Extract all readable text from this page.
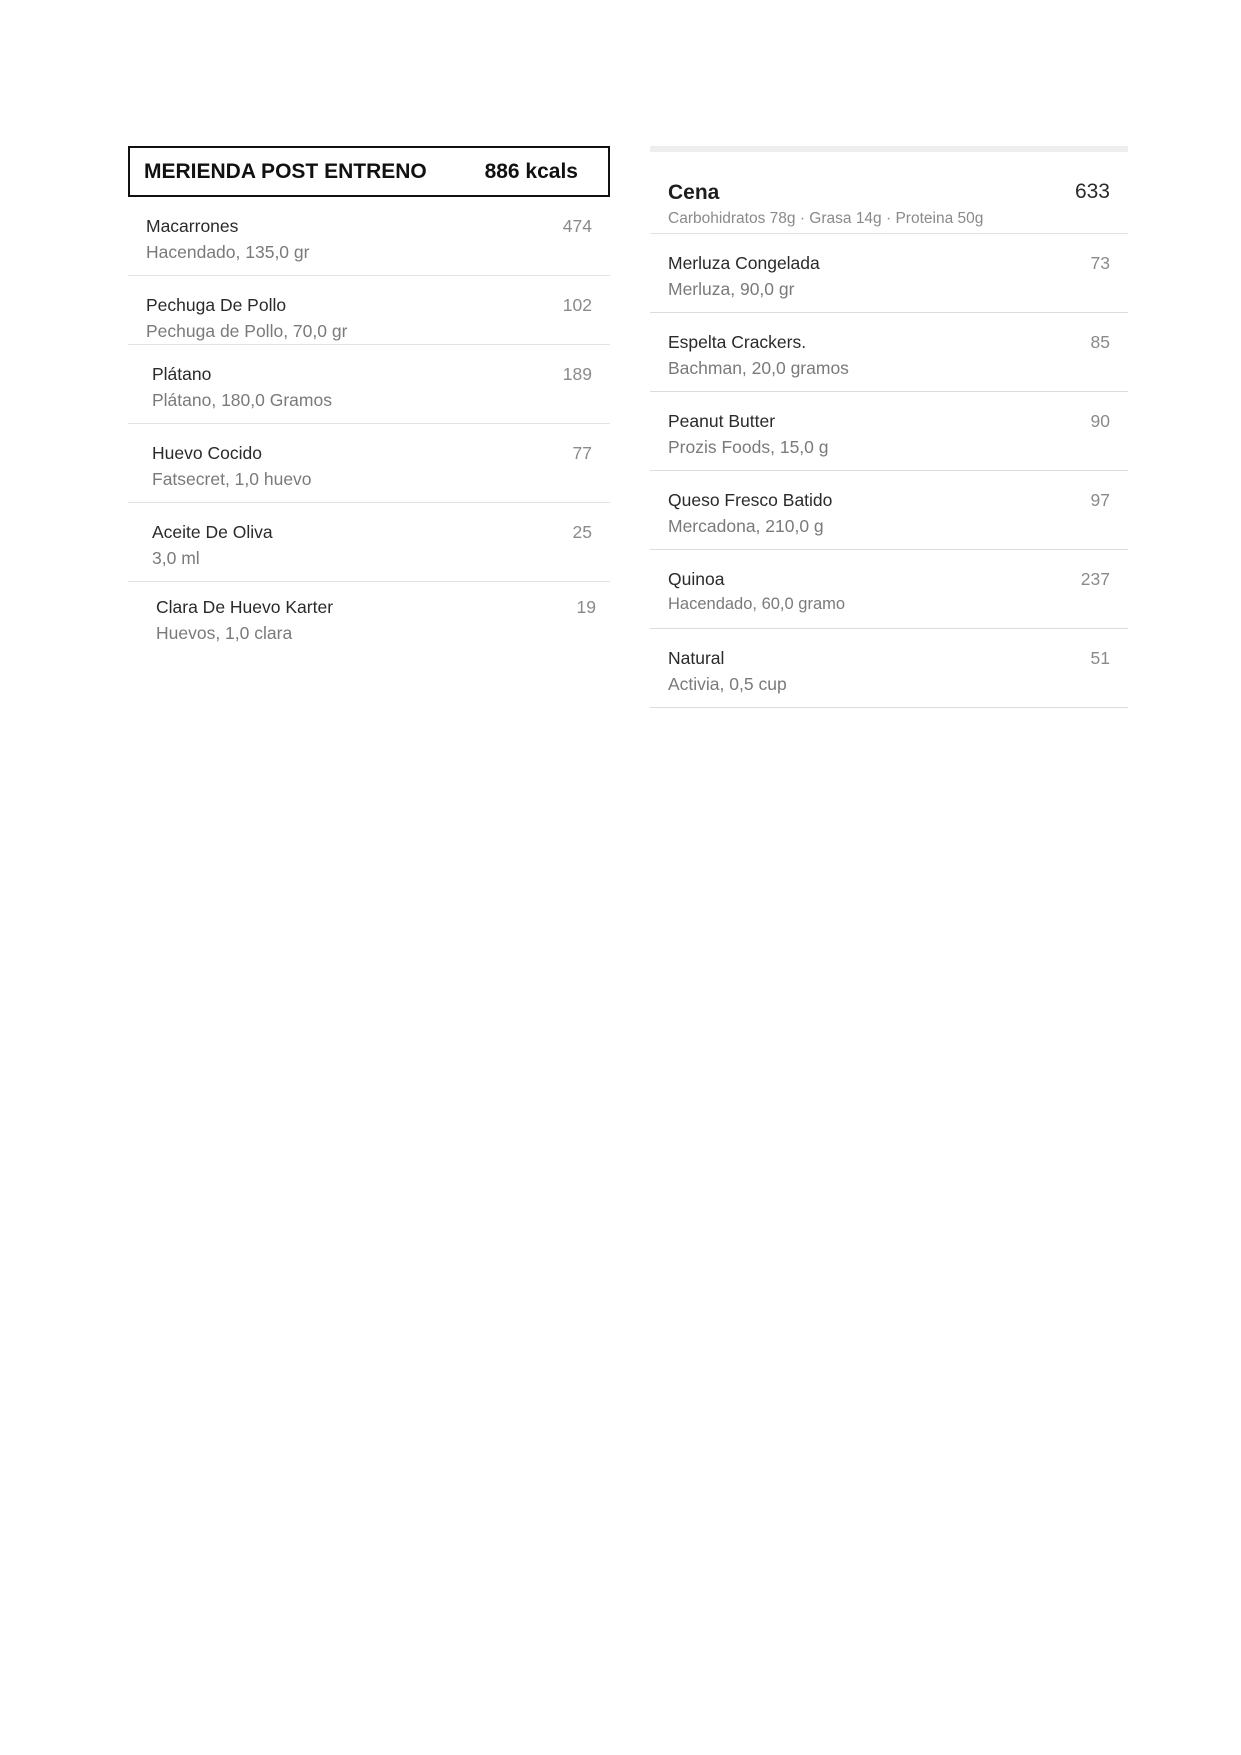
MERIENDA POST ENTRENO	886 kcals
Macarrones
Hacendado, 135,0 gr
474
Pechuga De Pollo
Pechuga de Pollo, 70,0 gr
102
Plátano
Plátano, 180,0 Gramos
189
Huevo Cocido
Fatsecret, 1,0 huevo
77
Aceite De Oliva
3,0 ml
25
Clara De Huevo Karter
Huevos, 1,0 clara
19
Cena	633
Carbohidratos 78g · Grasa 14g · Proteina 50g
Merluza Congelada
Merluza, 90,0 gr
73
Espelta Crackers.
Bachman, 20,0 gramos
85
Peanut Butter
Prozis Foods, 15,0 g
90
Queso Fresco Batido
Mercadona, 210,0 g
97
Quinoa
Hacendado, 60,0 gramo
237
Natural
Activia, 0,5 cup
51
